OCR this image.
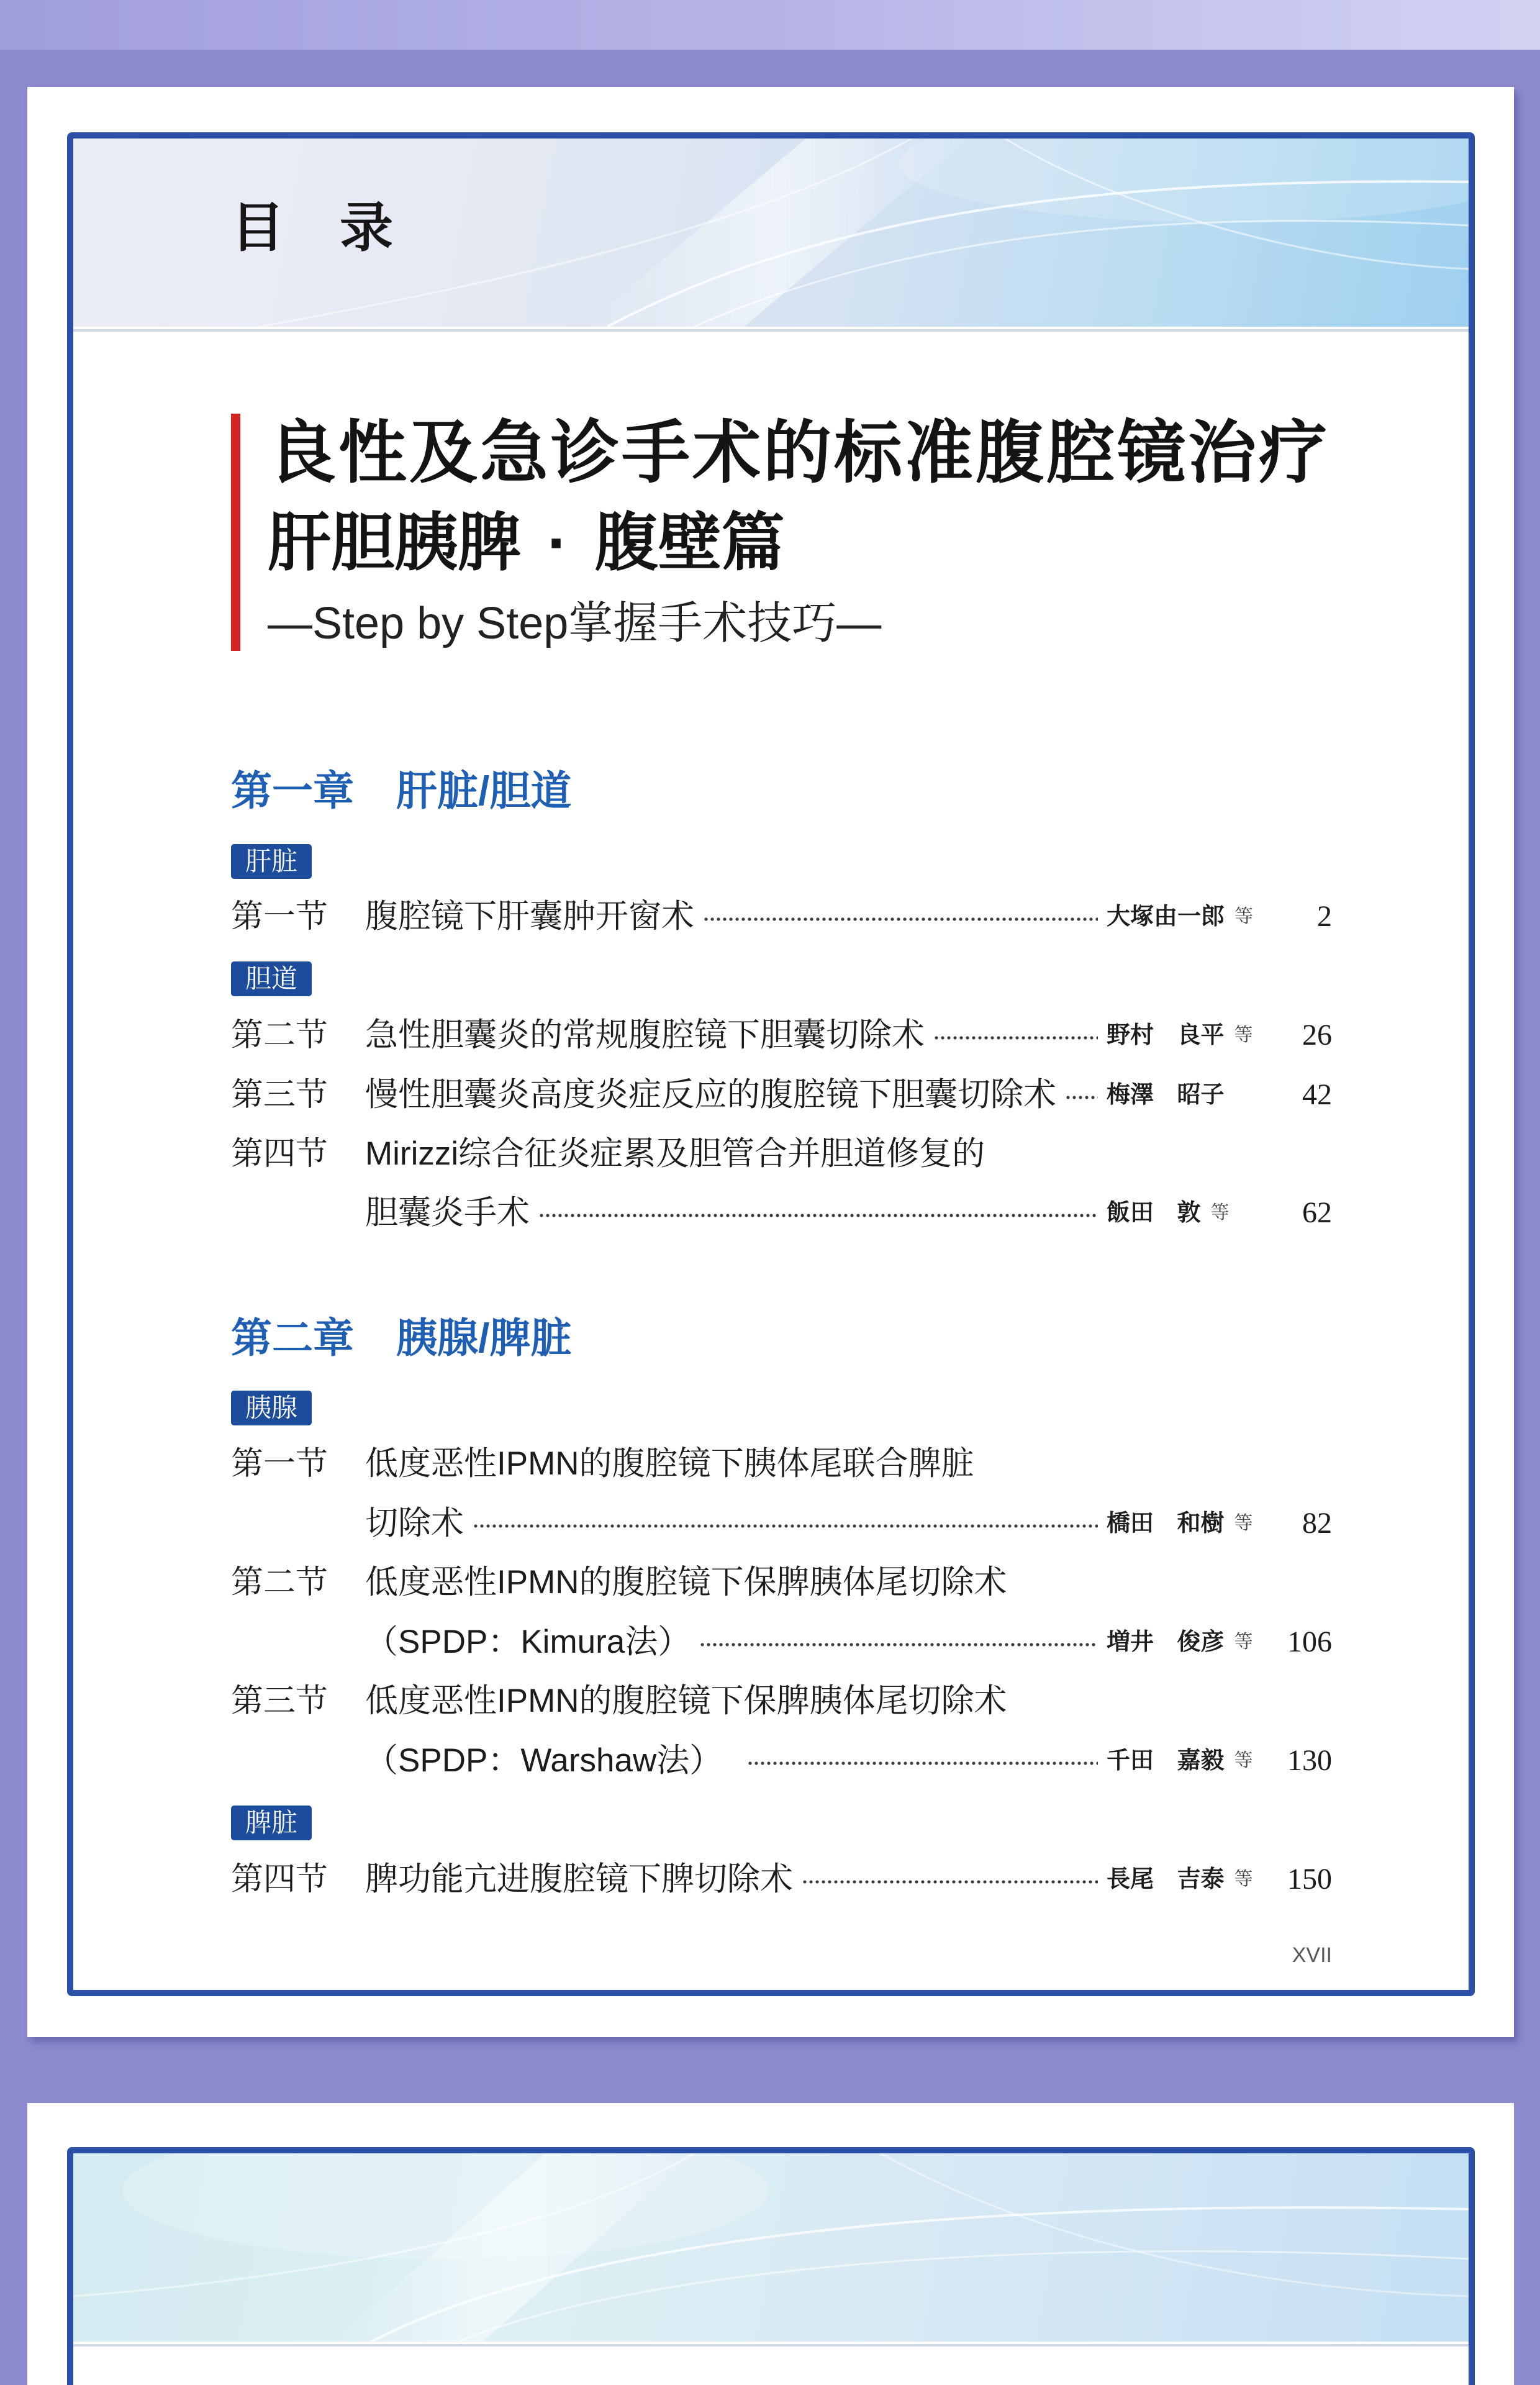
目 录
良性及急诊手术的标准腹腔镜治疗
肝胆胰脾 · 腹壁篇
—Step by Step掌握手术技巧—
第一章 肝脏/胆道
肝脏
第一节	腹腔镜下肝囊肿开窗术	大塚由一郎 等 2
胆道
第二节	急性胆囊炎的常规腹腔镜下胆囊切除术	野村 良平 等 26
第三节	慢性胆囊炎高度炎症反应的腹腔镜下胆囊切除术 梅澤 昭子	42
第四节	Mirizzi综合征炎症累及胆管合并胆道修复的
胆囊炎手术	飯田 敦 等 62
第二章 胰腺/脾脏
胰腺
第一节	低度恶性IPMN的腹腔镜下胰体尾联合脾脏
切除术	橋田 和樹 等 82
第二节	低度恶性IPMN的腹腔镜下保脾胰体尾切除术
（SPDP：Kimura法）	増井 俊彦 等 106
第三节	低度恶性IPMN的腹腔镜下保脾胰体尾切除术
（SPDP：Warshaw法）	千田 嘉毅 等 130
脾脏
第四节	脾功能亢进腹腔镜下脾切除术	長尾 吉泰 等 150
XVII
